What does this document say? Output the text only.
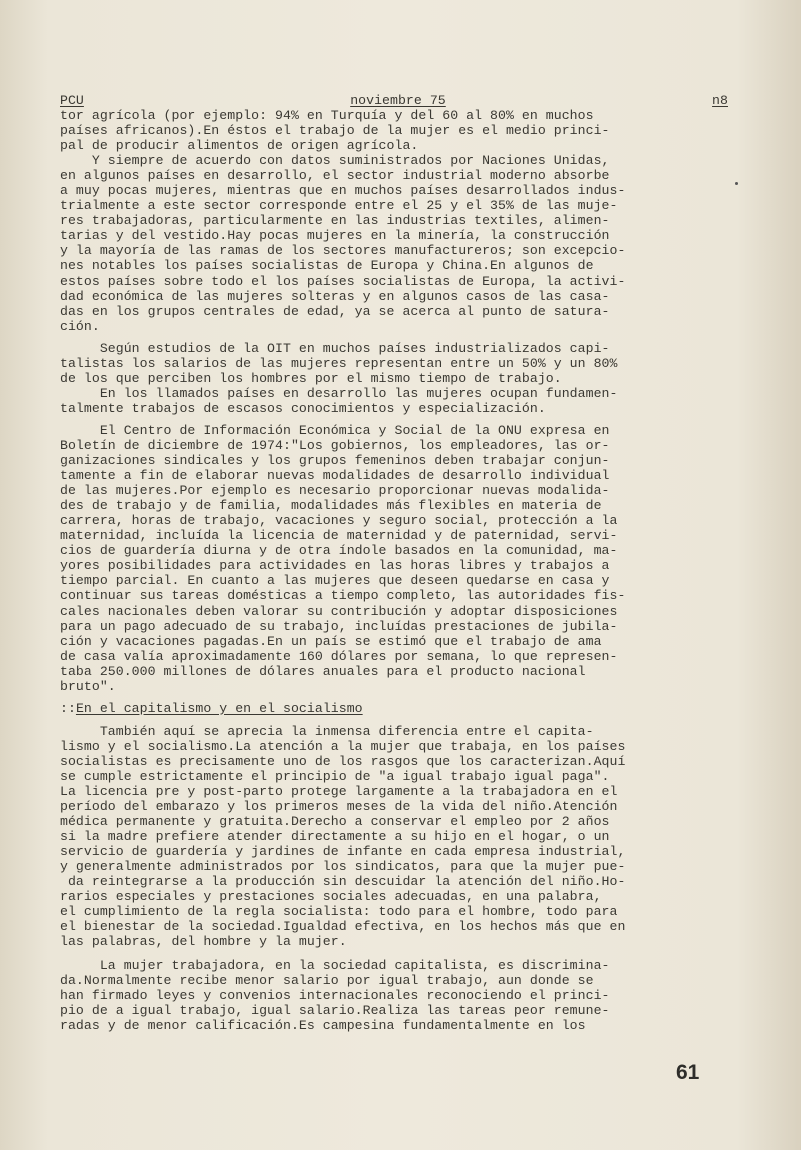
PCU	noviembre 75	n8
tor agrícola (por ejemplo: 94% en Turquía y del 60 al 80% en muchos
países africanos).En éstos el trabajo de la mujer es el medio princi-
pal de producir alimentos de origen agrícola.
Y siempre de acuerdo con datos suministrados por Naciones Unidas,
en algunos países en desarrollo, el sector industrial moderno absorbe
a muy pocas mujeres, mientras que en muchos países desarrollados indus-
trialmente a este sector corresponde entre el 25 y el 35% de las muje-
res trabajadoras, particularmente en las industrias textiles, alimen-
tarias y del vestido.Hay pocas mujeres en la minería, la construcción
y la mayoría de las ramas de los sectores manufactureros; son excepcio-
nes notables los países socialistas de Europa y China.En algunos de
estos países sobre todo el los países socialistas de Europa, la activi-
dad económica de las mujeres solteras y en algunos casos de las casa-
das en los grupos centrales de edad, ya se acerca al punto de satura-
ción.
Según estudios de la OIT en muchos países industrializados capi-
talistas los salarios de las mujeres representan entre un 50% y un 80%
de los que perciben los hombres por el mismo tiempo de trabajo.
En los llamados países en desarrollo las mujeres ocupan fundamen-
talmente trabajos de escasos conocimientos y especialización.
El Centro de Información Económica y Social de la ONU expresa en
Boletín de diciembre de 1974:"Los gobiernos, los empleadores, las or-
ganizaciones sindicales y los grupos femeninos deben trabajar conjun-
tamente a fin de elaborar nuevas modalidades de desarrollo individual
de las mujeres.Por ejemplo es necesario proporcionar nuevas modalida-
des de trabajo y de familia, modalidades más flexibles en materia de
carrera, horas de trabajo, vacaciones y seguro social, protección a la
maternidad, incluída la licencia de maternidad y de paternidad, servi-
cios de guardería diurna y de otra índole basados en la comunidad, ma-
yores posibilidades para actividades en las horas libres y trabajos a
tiempo parcial. En cuanto a las mujeres que deseen quedarse en casa y
continuar sus tareas domésticas a tiempo completo, las autoridades fis-
cales nacionales deben valorar su contribución y adoptar disposiciones
para un pago adecuado de su trabajo, incluídas prestaciones de jubila-
ción y vacaciones pagadas.En un país se estimó que el trabajo de ama
de casa valía aproximadamente 160 dólares por semana, lo que represen-
taba 250.000 millones de dólares anuales para el producto nacional
bruto".
::En el capitalismo y en el socialismo
También aquí se aprecia la inmensa diferencia entre el capita-
lismo y el socialismo.La atención a la mujer que trabaja, en los países
socialistas es precisamente uno de los rasgos que los caracterizan.Aquí
se cumple estrictamente el principio de "a igual trabajo igual paga".
La licencia pre y post-parto protege largamente a la trabajadora en el
período del embarazo y los primeros meses de la vida del niño.Atención
médica permanente y gratuita.Derecho a conservar el empleo por 2 años
si la madre prefiere atender directamente a su hijo en el hogar, o un
servicio de guardería y jardines de infante en cada empresa industrial,
y generalmente administrados por los sindicatos, para que la mujer pue-
da reintegrarse a la producción sin descuidar la atención del niño.Ho-
rarios especiales y prestaciones sociales adecuadas, en una palabra,
el cumplimiento de la regla socialista: todo para el hombre, todo para
el bienestar de la sociedad.Igualdad efectiva, en los hechos más que en
las palabras, del hombre y la mujer.
La mujer trabajadora, en la sociedad capitalista, es discrimina-
da.Normalmente recibe menor salario por igual trabajo, aun donde se
han firmado leyes y convenios internacionales reconociendo el princi-
pio de a igual trabajo, igual salario.Realiza las tareas peor remune-
radas y de menor calificación.Es campesina fundamentalmente en los
61
